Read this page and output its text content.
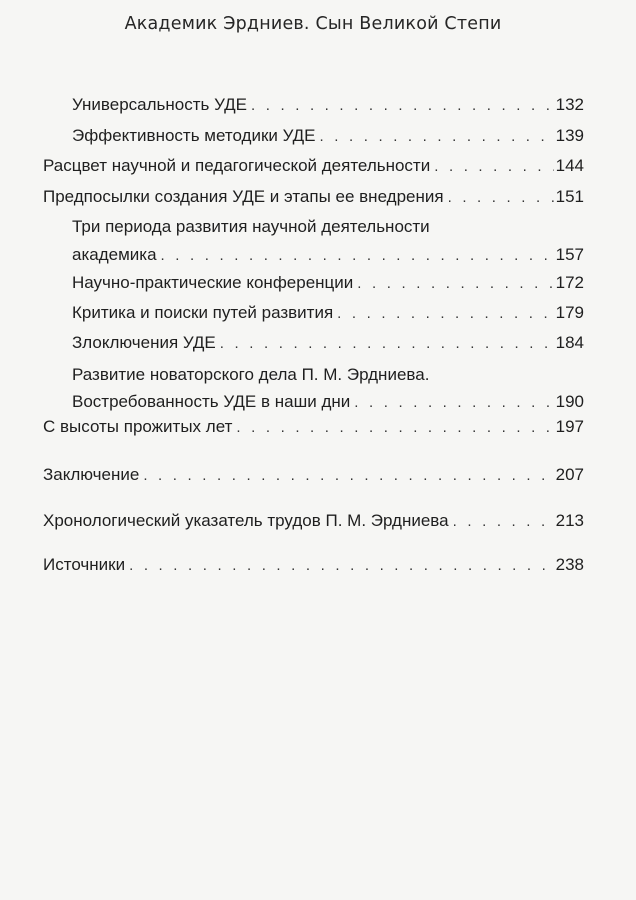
Академик Эрдниев. Сын Великой Степи
Универсальность УДЕ . . .	132
Эффективность методики УДЕ . . .	139
Расцвет научной и педагогической деятельности . . .	144
Предпосылки создания УДЕ и этапы ее внедрения . . .	151
Три периода развития научной деятельности
академика . . .	157
Научно-практические конференции . . .	172
Критика и поиски путей развития . . .	179
Злоключения УДЕ . . .	184
Развитие новаторского дела П. М. Эрдниева.
Востребованность УДЕ в наши дни . . .	190
С высоты прожитых лет . . .	197
Заключение . . .	207
Хронологический указатель трудов П. М. Эрдниева . . .	213
Источники . . .	238
